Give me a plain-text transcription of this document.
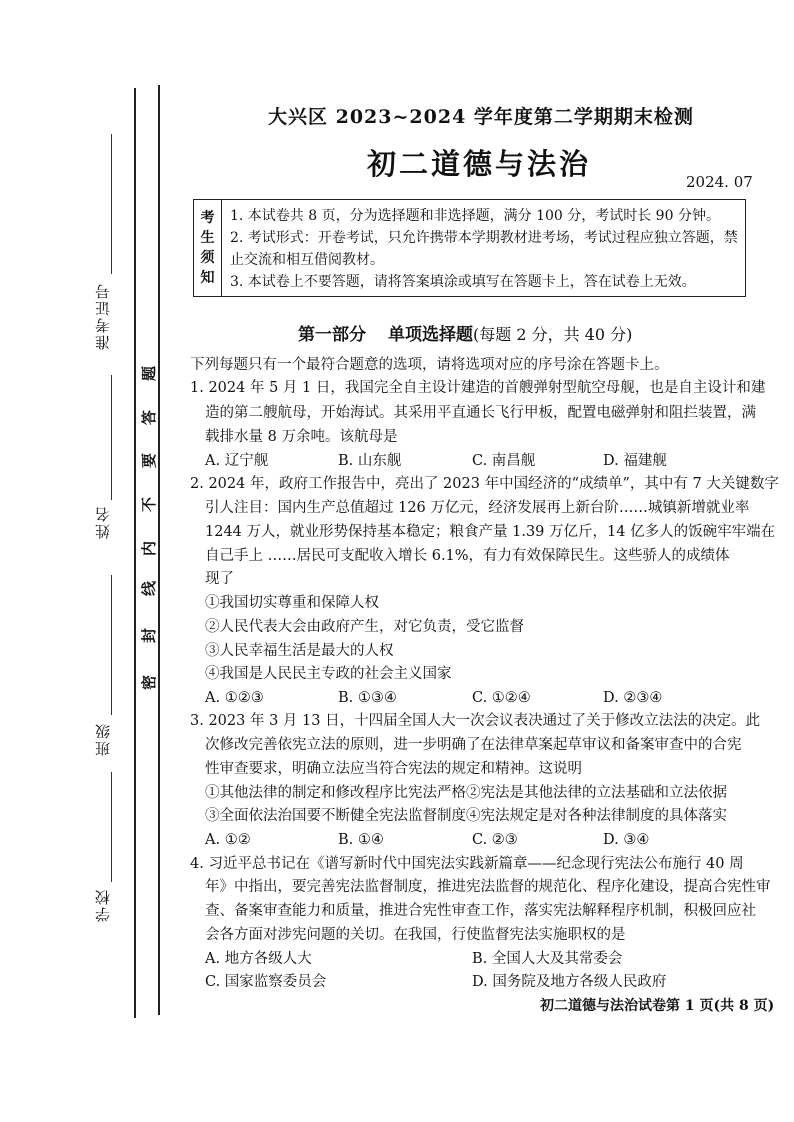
准考证号
姓名
班级
学校
密
封
线
内
不
要
答
题
大兴区 2023~2024 学年度第二学期期末检测
初二道德与法治
2024. 07
考
生
须
知
1. 本试卷共 8 页，分为选择题和非选择题，满分 100 分，考试时长 90 分钟。
2. 考试形式：开卷考试，只允许携带本学期教材进考场，考试过程应独立答题，禁
止交流和相互借阅教材。
3. 本试卷上不要答题，请将答案填涂或填写在答题卡上，答在试卷上无效。
第一部分 单项选择题(每题 2 分，共 40 分)
下列每题只有一个最符合题意的选项，请将选项对应的序号涂在答题卡上。
1. 2024 年 5 月 1 日，我国完全自主设计建造的首艘弹射型航空母舰，也是自主设计和建
造的第二艘航母，开始海试。其采用平直通长飞行甲板，配置电磁弹射和阻拦装置，满
载排水量 8 万余吨。该航母是
A. 辽宁舰	B. 山东舰	C. 南昌舰	D. 福建舰
2. 2024 年，政府工作报告中，亮出了 2023 年中国经济的“成绩单”，其中有 7 大关键数字
引人注目：国内生产总值超过 126 万亿元，经济发展再上新台阶……城镇新增就业率
1244 万人，就业形势保持基本稳定；粮食产量 1.39 万亿斤，14 亿多人的饭碗牢牢端在
自己手上 ……居民可支配收入增长 6.1%，有力有效保障民生。这些骄人的成绩体
现了
①我国切实尊重和保障人权
②人民代表大会由政府产生，对它负责，受它监督
③人民幸福生活是最大的人权
④我国是人民民主专政的社会主义国家
A. ①②③	B. ①③④	C. ①②④	D. ②③④
3. 2023 年 3 月 13 日，十四届全国人大一次会议表决通过了关于修改立法法的决定。此
次修改完善依宪立法的原则，进一步明确了在法律草案起草审议和备案审查中的合宪
性审查要求，明确立法应当符合宪法的规定和精神。这说明
①其他法律的制定和修改程序比宪法严格②宪法是其他法律的立法基础和立法依据
③全面依法治国要不断健全宪法监督制度④宪法规定是对各种法律制度的具体落实
A. ①②	B. ①④	C. ②③	D. ③④
4. 习近平总书记在《谱写新时代中国宪法实践新篇章——纪念现行宪法公布施行 40 周
年》中指出，要完善宪法监督制度，推进宪法监督的规范化、程序化建设，提高合宪性审
查、备案审查能力和质量，推进合宪性审查工作，落实宪法解释程序机制，积极回应社
会各方面对涉宪问题的关切。在我国，行使监督宪法实施职权的是
A. 地方各级人大	B. 全国人大及其常委会
C. 国家监察委员会	D. 国务院及地方各级人民政府
初二道德与法治试卷第 1 页(共 8 页)
